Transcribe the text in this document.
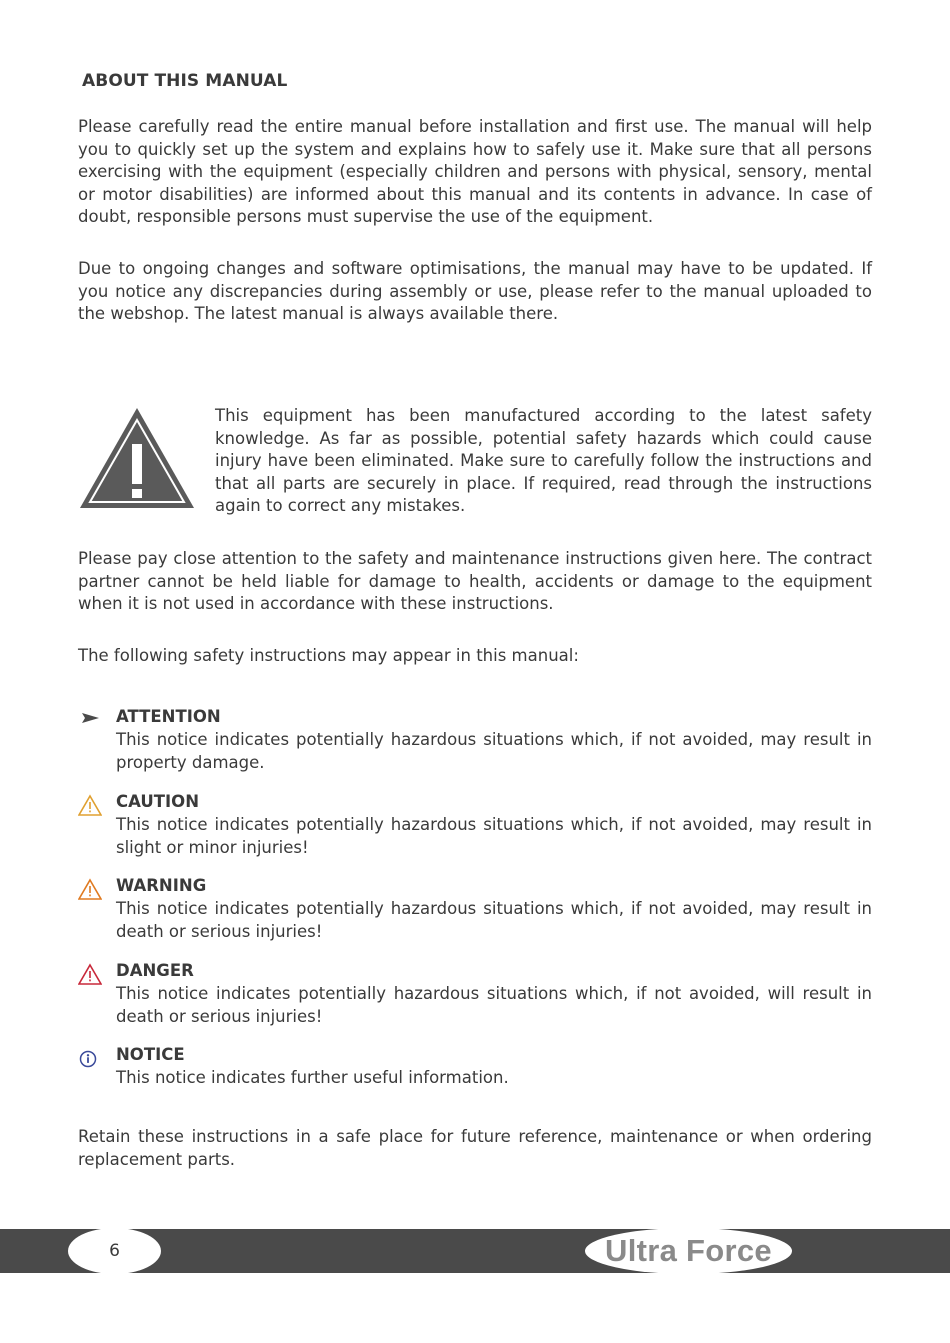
ABOUT THIS MANUAL

Please carefully read the entire manual before installation and first use. The manual will help you to quickly set up the system and explains how to safely use it. Make sure that all persons exercising with the equipment (especially children and persons with physical, sensory, mental or motor disabilities) are informed about this manual and its contents in advance. In case of doubt, responsible persons must supervise the use of the equipment.

Due to ongoing changes and software optimisations, the manual may have to be updated. If you notice any discrepancies during assembly or use, please refer to the manual uploaded to the webshop. The latest manual is always available there.

This equipment has been manufactured according to the latest safety knowledge. As far as possible, potential safety hazards which could cause injury have been eliminated. Make sure to carefully follow the instructions and that all parts are securely in place. If required, read through the instructions again to correct any mistakes.

Please pay close attention to the safety and maintenance instructions given here. The contract partner cannot be held liable for damage to health, accidents or damage to the equipment when it is not used in accordance with these instructions.

The following safety instructions may appear in this manual:

ATTENTION

This notice indicates potentially hazardous situations which, if not avoided, may result in property damage.

CAUTION

This notice indicates potentially hazardous situations which, if not avoided, may result in slight or minor injuries!

WARNING

This notice indicates potentially hazardous situations which, if not avoided, may result in death or serious injuries!

DANGER

This notice indicates potentially hazardous situations which, if not avoided, will result in death or serious injuries!

NOTICE

This notice indicates further useful information.

Retain these instructions in a safe place for future reference, maintenance or when ordering replacement parts.

6	Ultra Force
